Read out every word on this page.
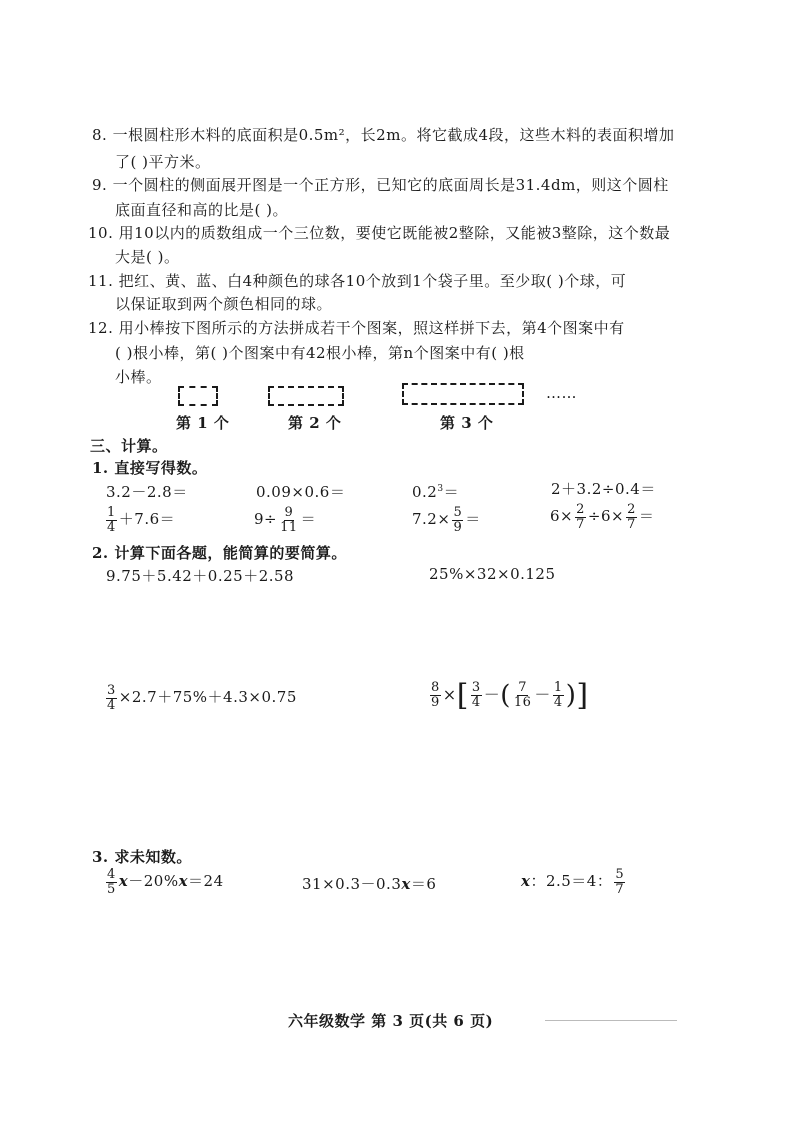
8. 一根圆柱形木料的底面积是0.5m²，长2m。将它截成4段，这些木料的表面积增加
了( )平方米。
9. 一个圆柱的侧面展开图是一个正方形，已知它的底面周长是31.4dm，则这个圆柱
底面直径和高的比是( )。
10. 用10以内的质数组成一个三位数，要使它既能被2整除，又能被3整除，这个数最
大是( )。
11. 把红、黄、蓝、白4种颜色的球各10个放到1个袋子里。至少取( )个球，可
以保证取到两个颜色相同的球。
12. 用小棒按下图所示的方法拼成若干个图案，照这样拼下去，第4个图案中有
( )根小棒，第( )个图案中有42根小棒，第n个图案中有( )根
小棒。
……
第 1 个	第 2 个	第 3 个
三、计算。
1. 直接写得数。
3.2－2.8＝	0.09×0.6＝	$0.2^3=$	2＋3.2÷0.4＝
$\frac{1}{4} +7.6=$	$9\div \frac{9}{11}$ ＝	$7.2\times \frac{5}{9}$ ＝	$6\times \frac{2}{7} \div 6\times \frac{2}{7}$ ＝
2. 计算下面各题，能简算的要简算。
9.75＋5.42＋0.25＋2.58	25%×32×0.125
$\frac{3}{4} \times 2.7+75\%+4.3\times 0.75$	$\frac{8}{9}$ ×[ $\frac{3}{4}$ －( $\frac{7}{16} - \frac{1}{4}$ )]
3. 求未知数。
$\frac{4}{5} x-20\%x=24$	31×0.3－0.3x＝6	x：2.5＝4： $\frac{5}{7}$
六年级数学 第 3 页(共 6 页)
